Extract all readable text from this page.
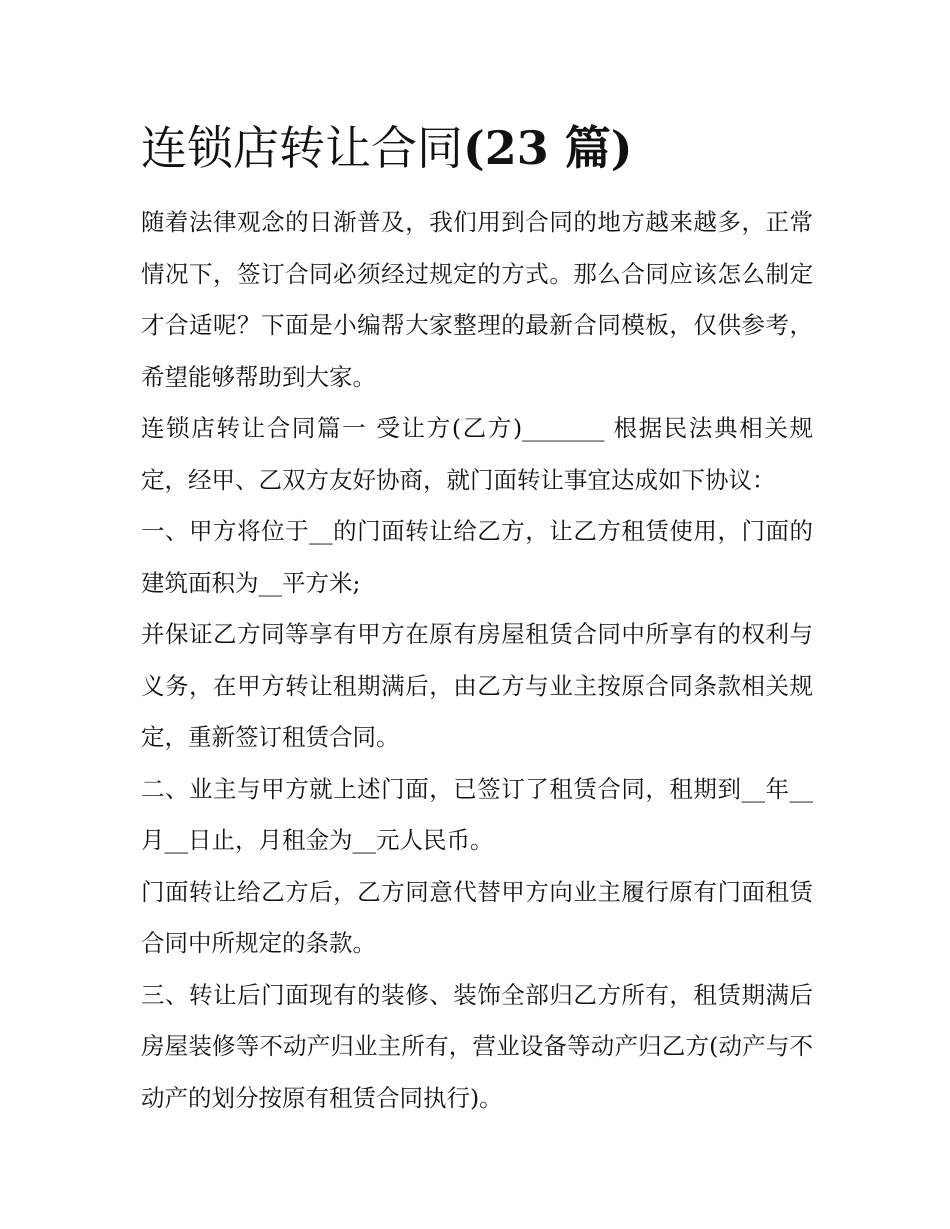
连锁店转让合同(23 篇)

随着法律观念的日渐普及，我们用到合同的地方越来越多，正常情况下，签订合同必须经过规定的方式。那么合同应该怎么制定才合适呢？下面是小编帮大家整理的最新合同模板，仅供参考，希望能够帮助到大家。

连锁店转让合同篇一 受让方(乙方)_______ 根据民法典相关规定，经甲、乙双方友好协商，就门面转让事宜达成如下协议：

一、甲方将位于__的门面转让给乙方，让乙方租赁使用，门面的建筑面积为__平方米;

并保证乙方同等享有甲方在原有房屋租赁合同中所享有的权利与义务，在甲方转让租期满后，由乙方与业主按原合同条款相关规定，重新签订租赁合同。

二、业主与甲方就上述门面，已签订了租赁合同，租期到__年__月__日止，月租金为__元人民币。

门面转让给乙方后，乙方同意代替甲方向业主履行原有门面租赁合同中所规定的条款。

三、转让后门面现有的装修、装饰全部归乙方所有，租赁期满后房屋装修等不动产归业主所有，营业设备等动产归乙方(动产与不动产的划分按原有租赁合同执行)。
